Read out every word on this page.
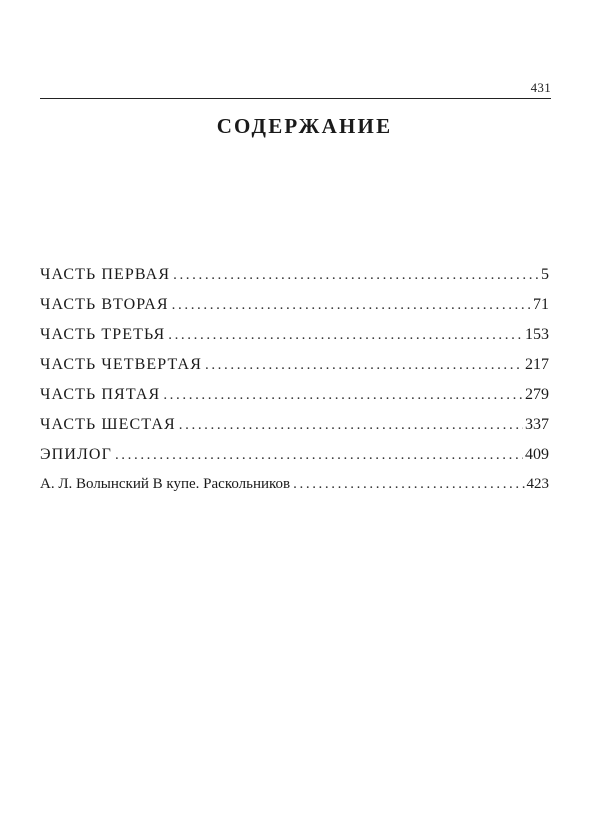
431
СОДЕРЖАНИЕ
ЧАСТЬ ПЕРВАЯ .....	5
ЧАСТЬ ВТОРАЯ .....	71
ЧАСТЬ ТРЕТЬЯ .....	153
ЧАСТЬ ЧЕТВЕРТАЯ .....	217
ЧАСТЬ ПЯТАЯ .....	279
ЧАСТЬ ШЕСТАЯ .....	337
ЭПИЛОГ .....	409
А. Л. Волынский В купе. Раскольников .....	423
